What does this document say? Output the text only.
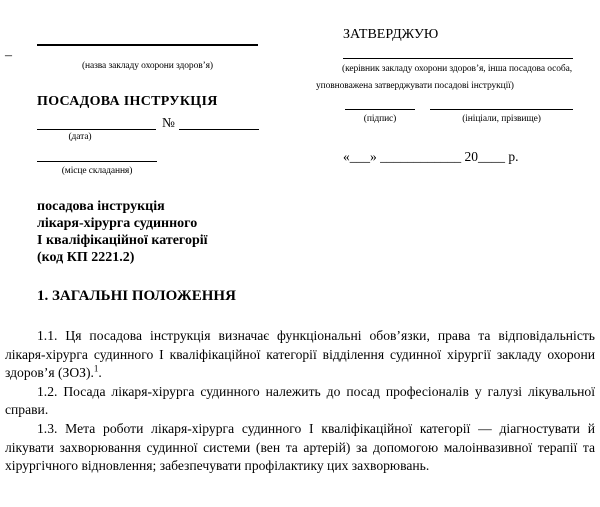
–
(назва закладу охорони здоров’я)
ЗАТВЕРДЖУЮ
(керівник закладу охорони здоров’я, інша посадова особа,
уповноважена затверджувати посадові інструкції)
(підпис)	(ініціали, прізвище)
«___» ____________ 20____ р.
ПОСАДОВА ІНСТРУКЦІЯ
№
(дата)
(місце складання)
посадова інструкція
лікаря-хірурга судинного
І кваліфікаційної категорії
(код КП 2221.2)
1. ЗАГАЛЬНІ ПОЛОЖЕННЯ

1.1. Ця посадова інструкція визначає функціональні обов’язки, права та відповідальність лікаря-хірурга судинного І кваліфікаційної категорії відділення судинної хірургії закладу охорони здоров’я (ЗОЗ).$^1$.

1.2. Посада лікаря-хірурга судинного належить до посад професіоналів у галузі лікувальної справи.

1.3. Мета роботи лікаря-хірурга судинного І кваліфікаційної категорії — діагностувати й лікувати захворювання судинної системи (вен та артерій) за допомогою малоінвазивної терапії та хірургічного відновлення; забезпечувати профілактику цих захворювань.
